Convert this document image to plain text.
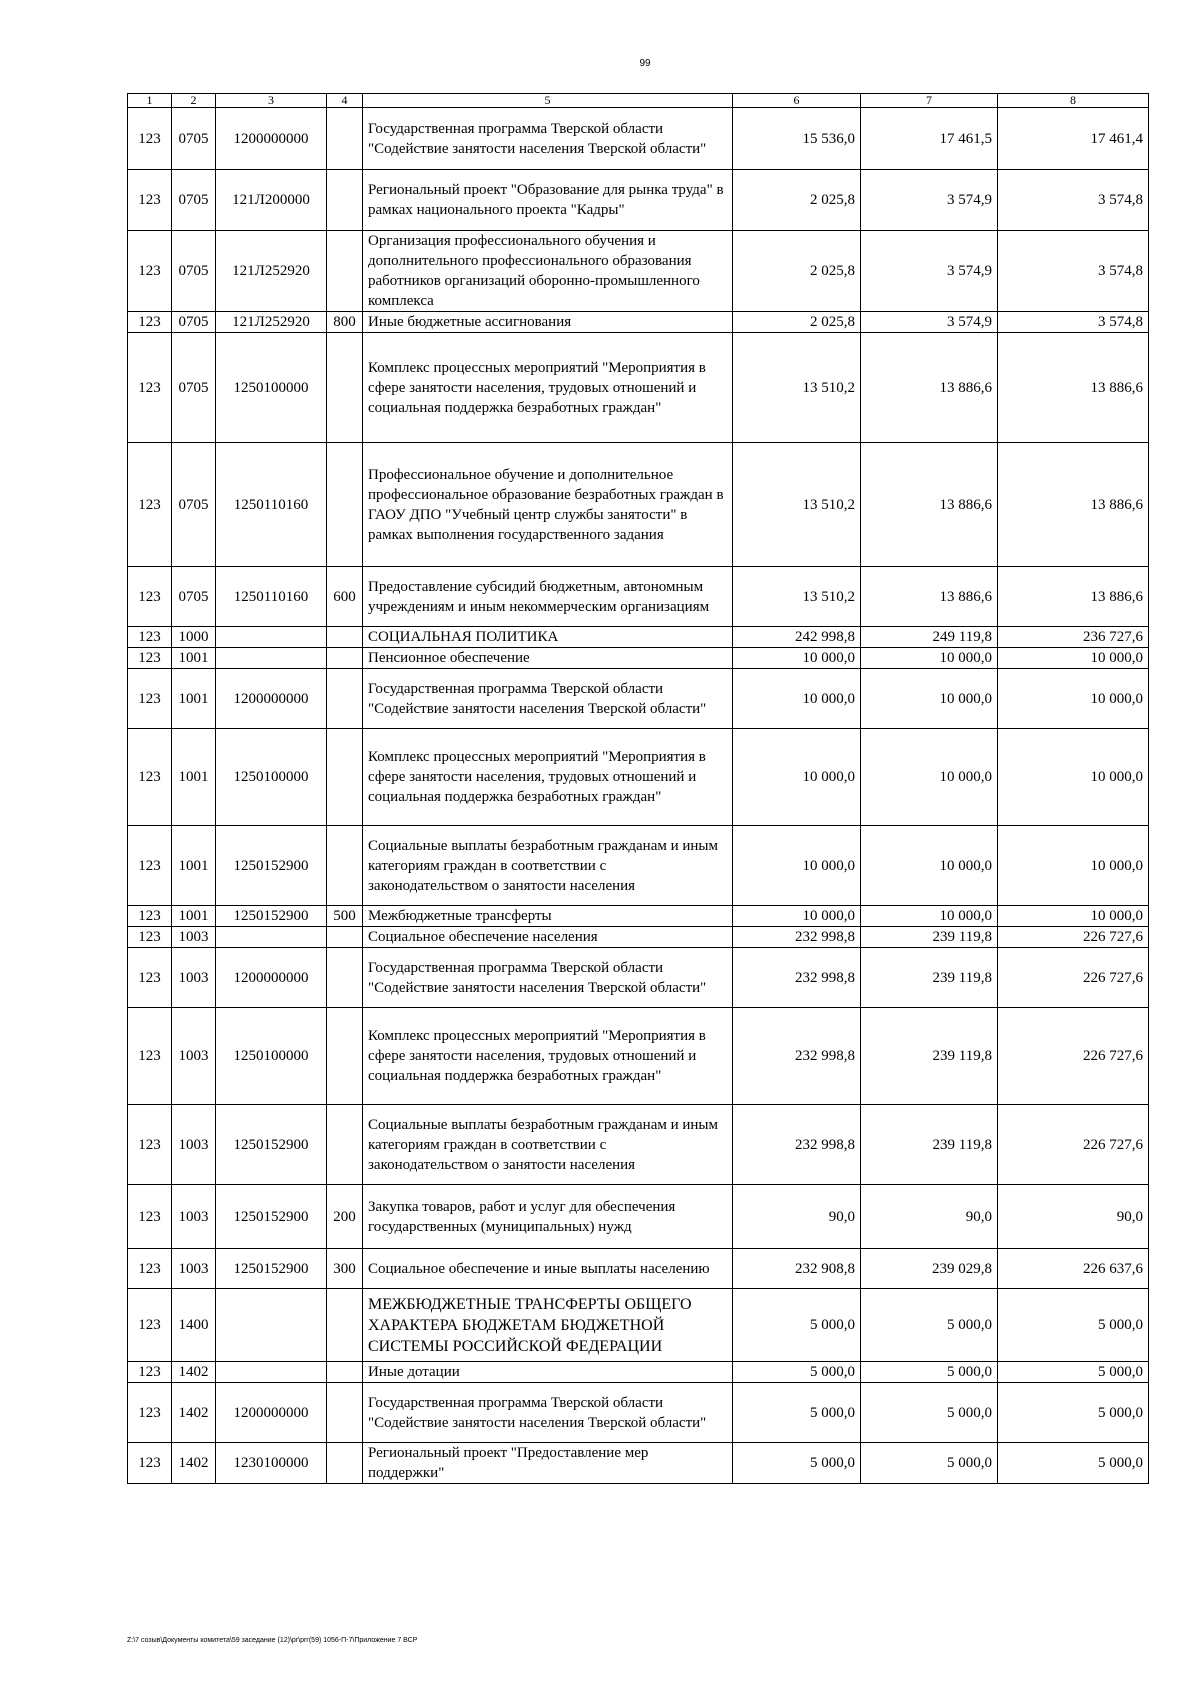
99
1	2	3	4	5	6	7	8
123	0705	1200000000		Государственная программа Тверской области "Содействие занятости населения Тверской области"	15 536,0	17 461,5	17 461,4
123	0705	121Л200000		Региональный проект "Образование для рынка труда" в рамках национального проекта "Кадры"	2 025,8	3 574,9	3 574,8
123	0705	121Л252920		Организация профессионального обучения и дополнительного профессионального образования работников организаций оборонно-промышленного комплекса	2 025,8	3 574,9	3 574,8
123	0705	121Л252920	800	Иные бюджетные ассигнования	2 025,8	3 574,9	3 574,8
123	0705	1250100000		Комплекс процессных мероприятий "Мероприятия в сфере занятости населения, трудовых отношений и социальная поддержка безработных граждан"	13 510,2	13 886,6	13 886,6
123	0705	1250110160		Профессиональное обучение и дополнительное профессиональное образование безработных граждан в ГАОУ ДПО "Учебный центр службы занятости" в рамках выполнения государственного задания	13 510,2	13 886,6	13 886,6
123	0705	1250110160	600	Предоставление субсидий бюджетным, автономным учреждениям и иным некоммерческим организациям	13 510,2	13 886,6	13 886,6
123	1000			СОЦИАЛЬНАЯ ПОЛИТИКА	242 998,8	249 119,8	236 727,6
123	1001			Пенсионное обеспечение	10 000,0	10 000,0	10 000,0
123	1001	1200000000		Государственная программа Тверской области "Содействие занятости населения Тверской области"	10 000,0	10 000,0	10 000,0
123	1001	1250100000		Комплекс процессных мероприятий "Мероприятия в сфере занятости населения, трудовых отношений и социальная поддержка безработных граждан"	10 000,0	10 000,0	10 000,0
123	1001	1250152900		Социальные выплаты безработным гражданам и иным категориям граждан в соответствии с законодательством о занятости населения	10 000,0	10 000,0	10 000,0
123	1001	1250152900	500	Межбюджетные трансферты	10 000,0	10 000,0	10 000,0
123	1003			Социальное обеспечение населения	232 998,8	239 119,8	226 727,6
123	1003	1200000000		Государственная программа Тверской области "Содействие занятости населения Тверской области"	232 998,8	239 119,8	226 727,6
123	1003	1250100000		Комплекс процессных мероприятий "Мероприятия в сфере занятости населения, трудовых отношений и социальная поддержка безработных граждан"	232 998,8	239 119,8	226 727,6
123	1003	1250152900		Социальные выплаты безработным гражданам и иным категориям граждан в соответствии с законодательством о занятости населения	232 998,8	239 119,8	226 727,6
123	1003	1250152900	200	Закупка товаров, работ и услуг для обеспечения государственных (муниципальных) нужд	90,0	90,0	90,0
123	1003	1250152900	300	Социальное обеспечение и иные выплаты населению	232 908,8	239 029,8	226 637,6
123	1400			МЕЖБЮДЖЕТНЫЕ ТРАНСФЕРТЫ ОБЩЕГО ХАРАКТЕРА БЮДЖЕТАМ БЮДЖЕТНОЙ СИСТЕМЫ РОССИЙСКОЙ ФЕДЕРАЦИИ	5 000,0	5 000,0	5 000,0
123	1402			Иные дотации	5 000,0	5 000,0	5 000,0
123	1402	1200000000		Государственная программа Тверской области "Содействие занятости населения Тверской области"	5 000,0	5 000,0	5 000,0
123	1402	1230100000		Региональный проект "Предоставление мер поддержки"	5 000,0	5 000,0	5 000,0
Z:\7 созыв\Документы комитета\59 заседание (12)\pr\prг(59) 1056-П-7\Приложение 7 ВСР
